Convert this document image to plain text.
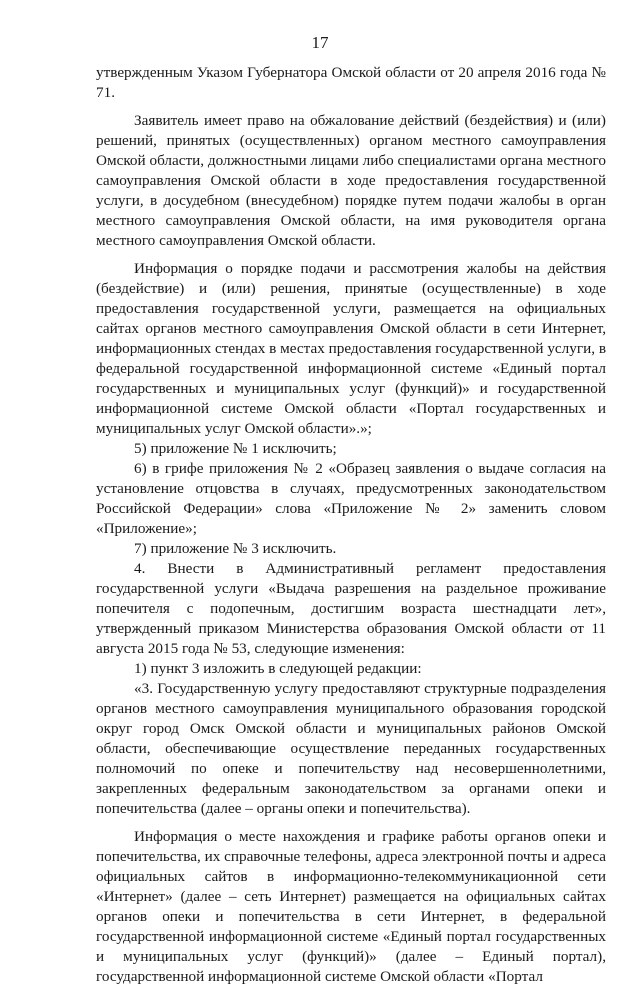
17

утвержденным Указом Губернатора Омской области от 20 апреля 2016 года № 71.

Заявитель имеет право на обжалование действий (бездействия) и (или) решений, принятых (осуществленных) органом местного самоуправления Омской области, должностными лицами либо специалистами органа местного самоуправления Омской области в ходе предоставления государственной услуги, в досудебном (внесудебном) порядке путем подачи жалобы в орган местного самоуправления Омской области, на имя руководителя органа местного самоуправления Омской области.

Информация о порядке подачи и рассмотрения жалобы на действия (бездействие) и (или) решения, принятые (осуществленные) в ходе предоставления государственной услуги, размещается на официальных сайтах органов местного самоуправления Омской области в сети Интернет, информационных стендах в местах предоставления государственной услуги, в федеральной государственной информационной системе «Единый портал государственных и муниципальных услуг (функций)» и государственной информационной системе Омской области «Портал государственных и муниципальных услуг Омской области».»;

5) приложение № 1 исключить;

6) в грифе приложения № 2 «Образец заявления о выдаче согласия на установление отцовства в случаях, предусмотренных законодательством Российской Федерации» слова «Приложение № 2» заменить словом «Приложение»;

7) приложение № 3 исключить.

4. Внести в Административный регламент предоставления государственной услуги «Выдача разрешения на раздельное проживание попечителя с подопечным, достигшим возраста шестнадцати лет», утвержденный приказом Министерства образования Омской области от 11 августа 2015 года № 53, следующие изменения:

1) пункт 3 изложить в следующей редакции:

«3. Государственную услугу предоставляют структурные подразделения органов местного самоуправления муниципального образования городской округ город Омск Омской области и муниципальных районов Омской области, обеспечивающие осуществление переданных государственных полномочий по опеке и попечительству над несовершеннолетними, закрепленных федеральным законодательством за органами опеки и попечительства (далее – органы опеки и попечительства).

Информация о месте нахождения и графике работы органов опеки и попечительства, их справочные телефоны, адреса электронной почты и адреса официальных сайтов в информационно-телекоммуникационной сети «Интернет» (далее – сеть Интернет) размещается на официальных сайтах органов опеки и попечительства в сети Интернет, в федеральной государственной информационной системе «Единый портал государственных и муниципальных услуг (функций)» (далее – Единый портал), государственной информационной системе Омской области «Портал
